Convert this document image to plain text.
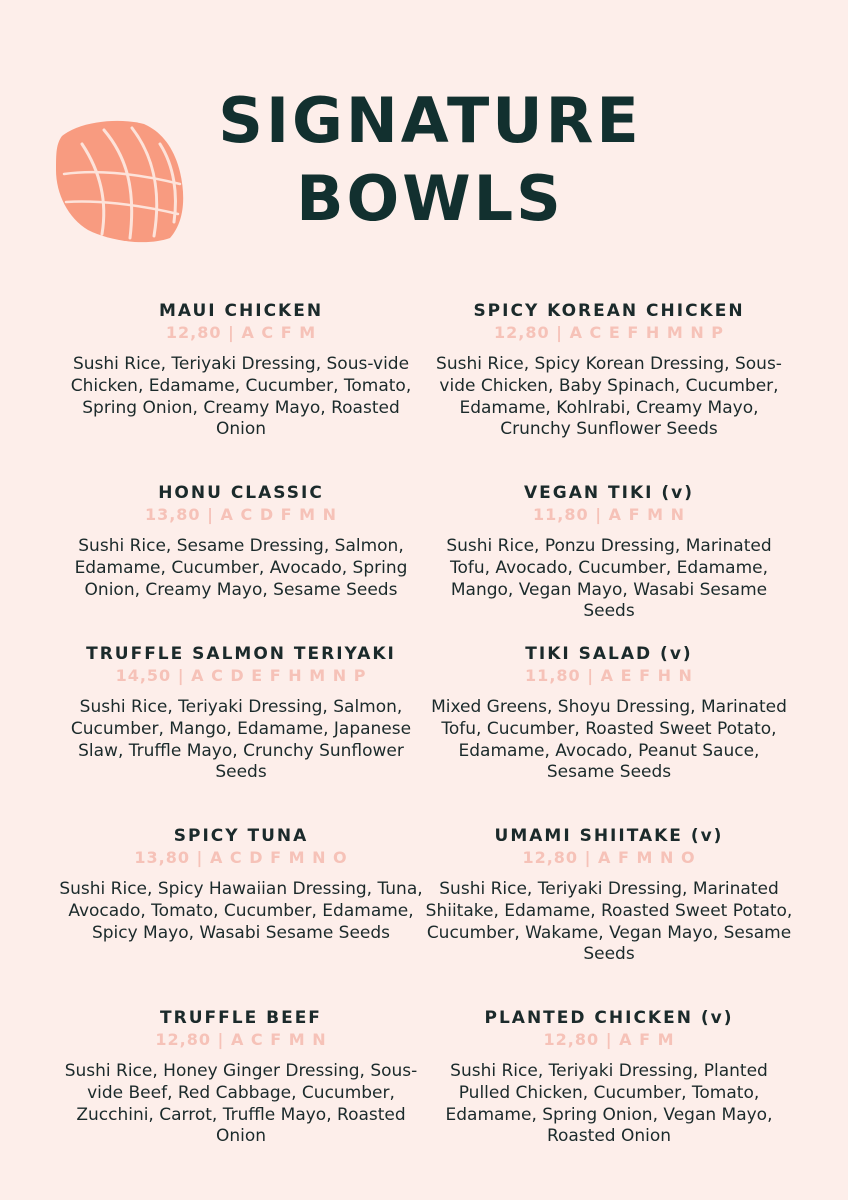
SIGNATURE
BOWLS
MAUI CHICKEN
12,80 | A C F M
Sushi Rice, Teriyaki Dressing, Sous-vide Chicken, Edamame, Cucumber, Tomato, Spring Onion, Creamy Mayo, Roasted Onion
SPICY KOREAN CHICKEN
12,80 | A C E F H M N P
Sushi Rice, Spicy Korean Dressing, Sous-vide Chicken, Baby Spinach, Cucumber, Edamame, Kohlrabi, Creamy Mayo, Crunchy Sunflower Seeds
HONU CLASSIC
13,80 | A C D F M N
Sushi Rice, Sesame Dressing, Salmon, Edamame, Cucumber, Avocado, Spring Onion, Creamy Mayo, Sesame Seeds
VEGAN TIKI (v)
11,80 | A F M N
Sushi Rice, Ponzu Dressing, Marinated Tofu, Avocado, Cucumber, Edamame, Mango, Vegan Mayo, Wasabi Sesame Seeds
TRUFFLE SALMON TERIYAKI
14,50 | A C D E F H M N P
Sushi Rice, Teriyaki Dressing, Salmon, Cucumber, Mango, Edamame, Japanese Slaw, Truffle Mayo, Crunchy Sunflower Seeds
TIKI SALAD (v)
11,80 | A E F H N
Mixed Greens, Shoyu Dressing, Marinated Tofu, Cucumber, Roasted Sweet Potato, Edamame, Avocado, Peanut Sauce, Sesame Seeds
SPICY TUNA
13,80 | A C D F M N O
Sushi Rice, Spicy Hawaiian Dressing, Tuna, Avocado, Tomato, Cucumber, Edamame, Spicy Mayo, Wasabi Sesame Seeds
UMAMI SHIITAKE (v)
12,80 | A F M N O
Sushi Rice, Teriyaki Dressing, Marinated Shiitake, Edamame, Roasted Sweet Potato, Cucumber, Wakame, Vegan Mayo, Sesame Seeds
TRUFFLE BEEF
12,80 | A C F M N
Sushi Rice, Honey Ginger Dressing, Sous-vide Beef, Red Cabbage, Cucumber, Zucchini, Carrot, Truffle Mayo, Roasted Onion
PLANTED CHICKEN (v)
12,80 | A F M
Sushi Rice, Teriyaki Dressing, Planted Pulled Chicken, Cucumber, Tomato, Edamame, Spring Onion, Vegan Mayo, Roasted Onion
